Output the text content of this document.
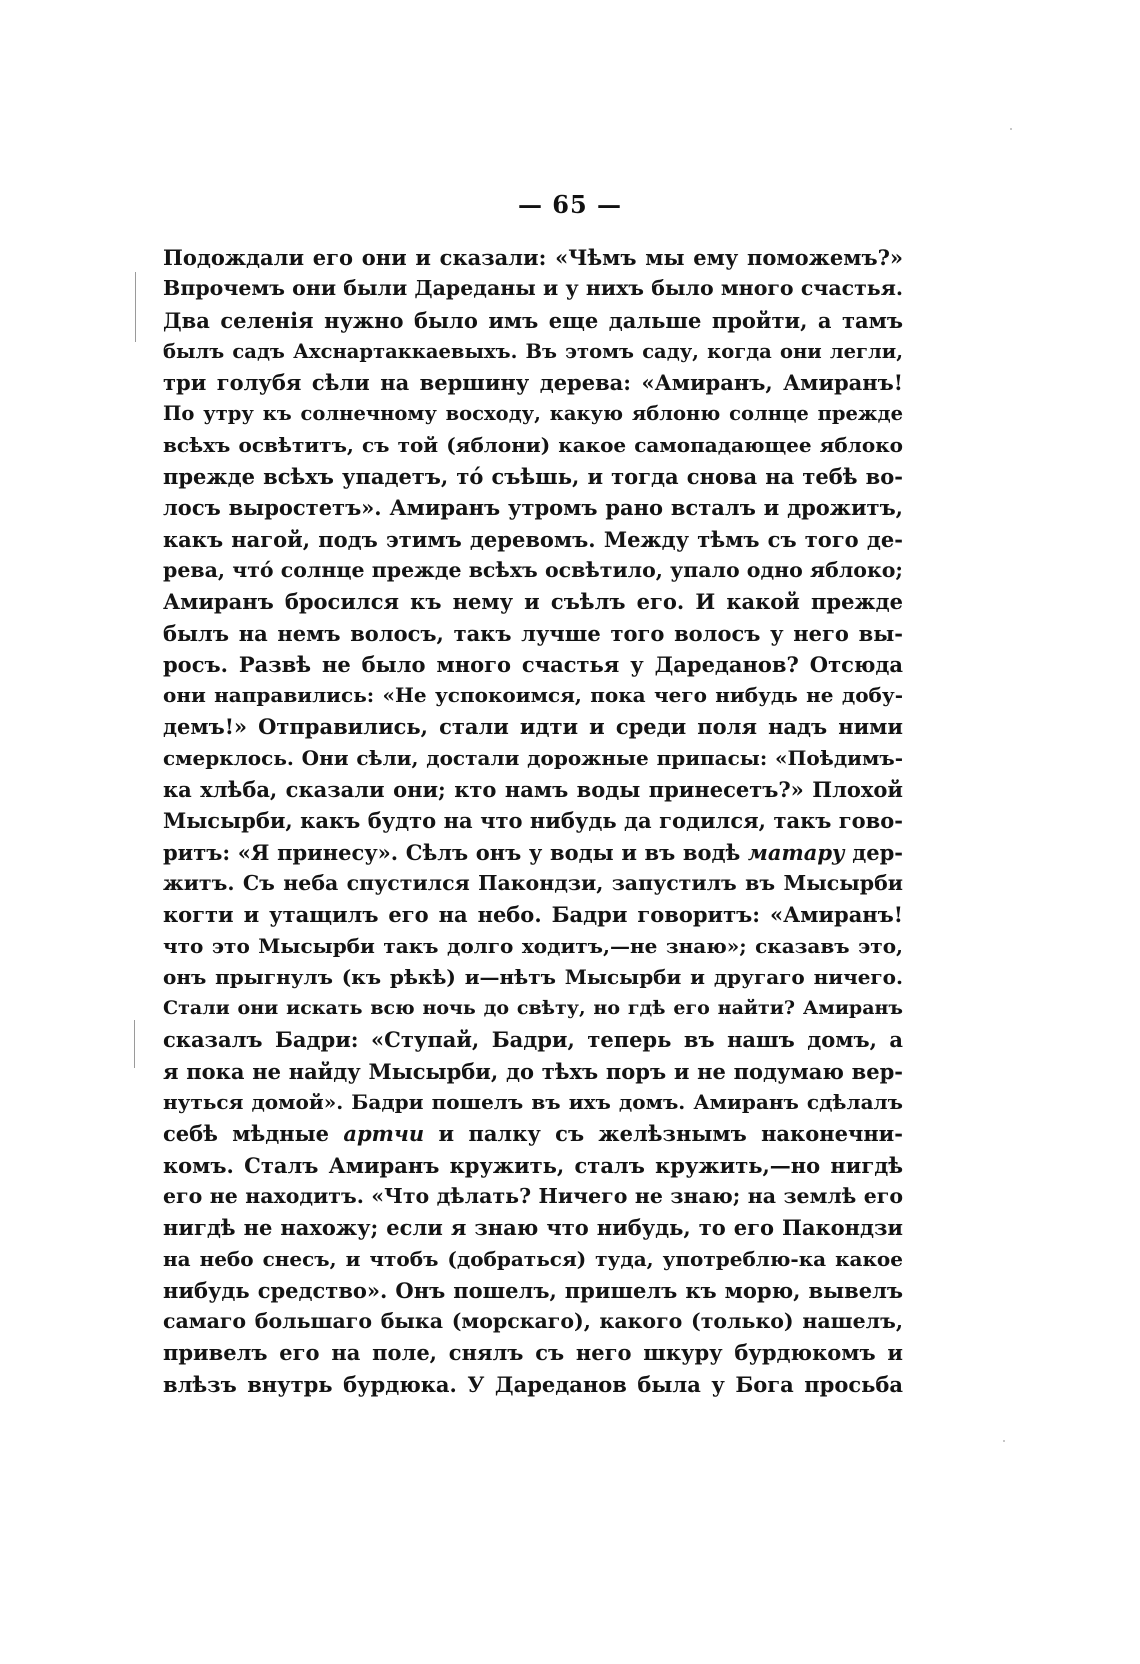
— 65 —
Подождали его они и сказали: «Чѣмъ мы ему поможемъ?»
Впрочемъ они были Дареданы и у нихъ было много счастья.
Два селенія нужно было имъ еще дальше пройти, а тамъ
былъ садъ Ахснартаккаевыхъ. Въ этомъ саду, когда они легли,
три голубя сѣли на вершину дерева: «Амиранъ, Амиранъ!
По утру къ солнечному восходу, какую яблоню солнце прежде
всѣхъ освѣтитъ, съ той (яблони) какое самопадающее яблоко
прежде всѣхъ упадетъ, то́ съѣшь, и тогда снова на тебѣ во-
лосъ выростетъ». Амиранъ утромъ рано всталъ и дрожитъ,
какъ нагой, подъ этимъ деревомъ. Между тѣмъ съ того де-
рева, что́ солнце прежде всѣхъ освѣтило, упало одно яблоко;
Амиранъ бросился къ нему и съѣлъ его. И какой прежде
былъ на немъ волосъ, такъ лучше того волосъ у него вы-
росъ. Развѣ не было много счастья у Дареданов? Отсюда
они направились: «Не успокоимся, пока чего нибудь не добу-
демъ!» Отправились, стали идти и среди поля надъ ними
смерклось. Они сѣли, достали дорожные припасы: «Поѣдимъ-
ка хлѣба, сказали они; кто намъ воды принесетъ?» Плохой
Мысырби, какъ будто на что нибудь да годился, такъ гово-
ритъ: «Я принесу». Сѣлъ онъ у воды и въ водѣ матару дер-
житъ. Съ неба спустился Пакондзи, запустилъ въ Мысырби
когти и утащилъ его на небо. Бадри говоритъ: «Амиранъ!
что это Мысырби такъ долго ходитъ,—не знаю»; сказавъ это,
онъ прыгнулъ (къ рѣкѣ) и—нѣтъ Мысырби и другаго ничего.
Стали они искать всю ночь до свѣту, но гдѣ его найти? Амиранъ
сказалъ Бадри: «Ступай, Бадри, теперь въ нашъ домъ, а
я пока не найду Мысырби, до тѣхъ поръ и не подумаю вер-
нуться домой». Бадри пошелъ въ ихъ домъ. Амиранъ сдѣлалъ
себѣ мѣдные артчи и палку съ желѣзнымъ наконечни-
комъ. Сталъ Амиранъ кружить, сталъ кружить,—но нигдѣ
его не находитъ. «Что дѣлать? Ничего не знаю; на землѣ его
нигдѣ не нахожу; если я знаю что нибудь, то его Пакондзи
на небо снесъ, и чтобъ (добраться) туда, употреблю-ка какое
нибудь средство». Онъ пошелъ, пришелъ къ морю, вывелъ
самаго большаго быка (морскаго), какого (только) нашелъ,
привелъ его на поле, снялъ съ него шкуру бурдюкомъ и
влѣзъ внутрь бурдюка. У Дареданов была у Бога просьба
